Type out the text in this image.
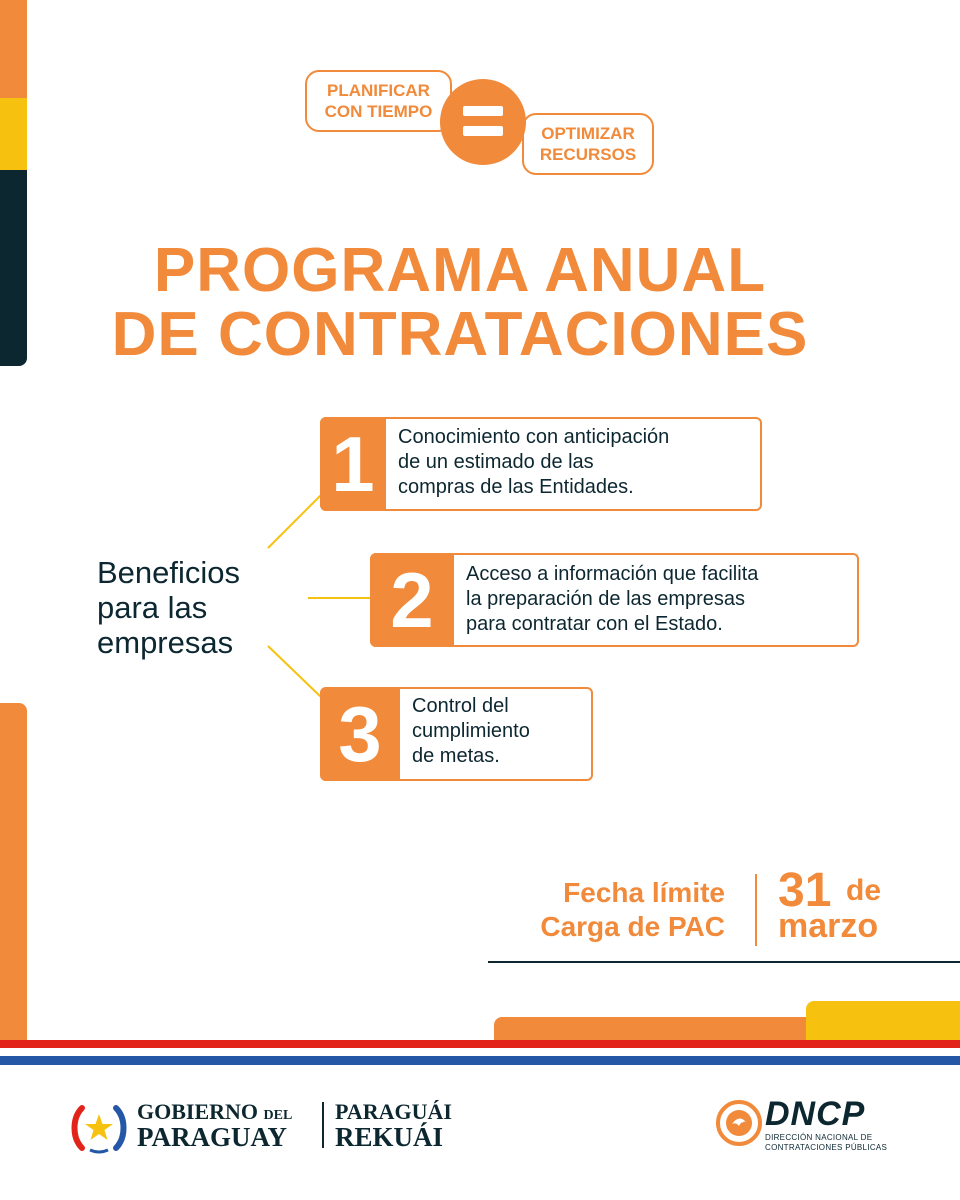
PLANIFICAR
CON TIEMPO
OPTIMIZAR
RECURSOS
PROGRAMA ANUAL
DE CONTRATACIONES
Beneficios
para las
empresas
1	Conocimiento con anticipación
de un estimado de las
compras de las Entidades.
2	Acceso a información que facilita
la preparación de las empresas
para contratar con el Estado.
3	Control del
cumplimiento
de metas.
Fecha límite
Carga de PAC
31 de
marzo
GOBIERNO DEL
PARAGUAY
PARAGUÁI
REKUÁI
DNCP
DIRECCIÓN NACIONAL DE
CONTRATACIONES PÚBLICAS
